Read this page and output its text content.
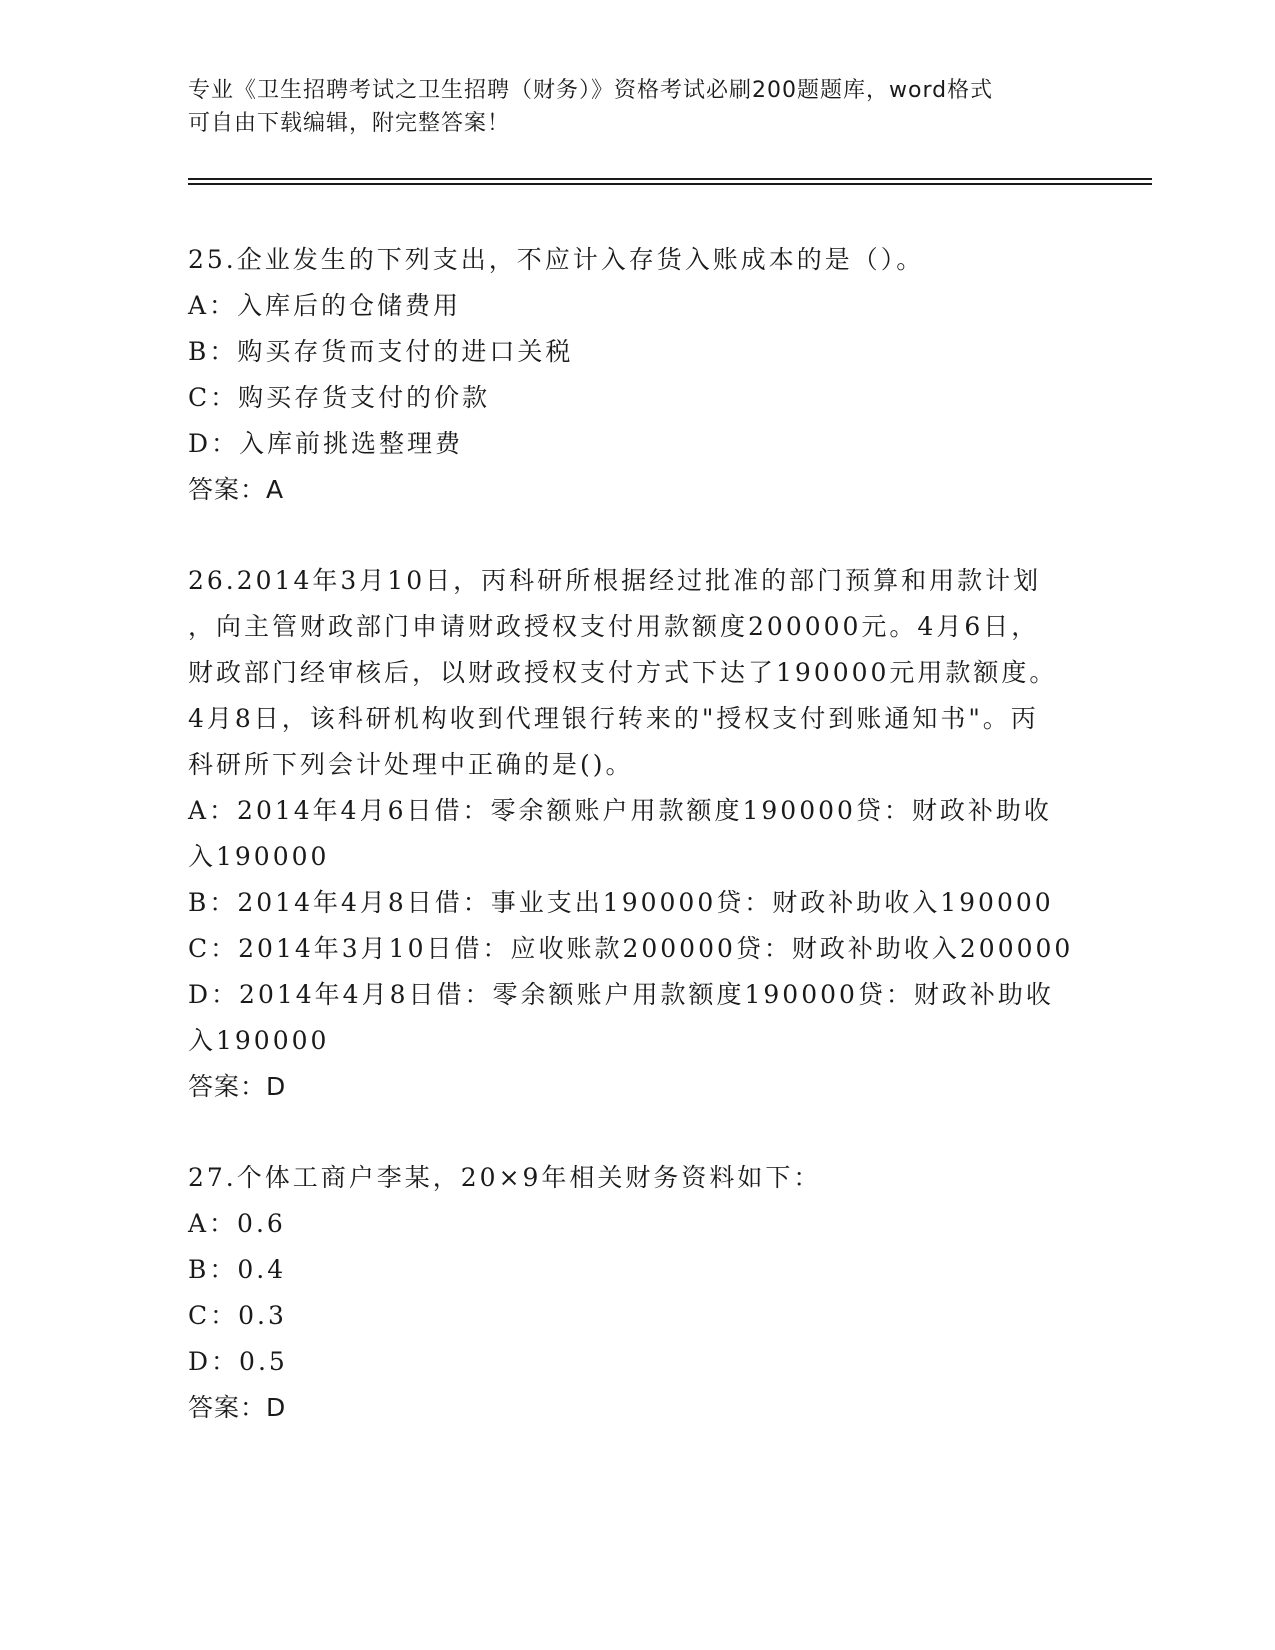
专业《卫生招聘考试之卫生招聘（财务）》资格考试必刷200题题库，word格式
可自由下载编辑，附完整答案！
25.企业发生的下列支出，不应计入存货入账成本的是（）。
A：入库后的仓储费用
B：购买存货而支付的进口关税
C：购买存货支付的价款
D：入库前挑选整理费
答案：A
26.2014年3月10日，丙科研所根据经过批准的部门预算和用款计划
，向主管财政部门申请财政授权支付用款额度200000元。4月6日，
财政部门经审核后，以财政授权支付方式下达了190000元用款额度。
4月8日，该科研机构收到代理银行转来的"授权支付到账通知书"。丙
科研所下列会计处理中正确的是()。
A：2014年4月6日借：零余额账户用款额度190000贷：财政补助收
入190000
B：2014年4月8日借：事业支出190000贷：财政补助收入190000
C：2014年3月10日借：应收账款200000贷：财政补助收入200000
D：2014年4月8日借：零余额账户用款额度190000贷：财政补助收
入190000
答案：D
27.个体工商户李某，20×9年相关财务资料如下：
A：0.6
B：0.4
C：0.3
D：0.5
答案：D
